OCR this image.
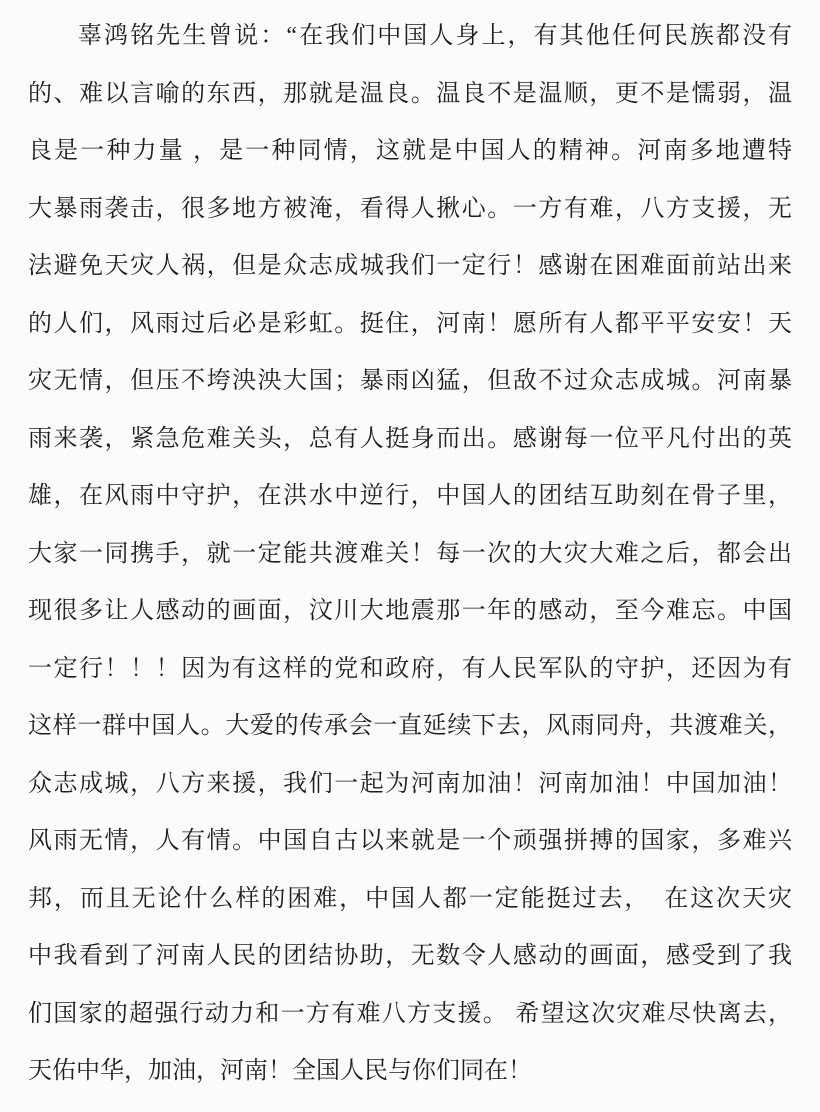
辜鸿铭先生曾说：“在我们中国人身上，有其他任何民族都没有
的、难以言喻的东西，那就是温良。温良不是温顺，更不是懦弱，温
良是一种力量 ，是一种同情，这就是中国人的精神。河南多地遭特
大暴雨袭击，很多地方被淹，看得人揪心。一方有难，八方支援，无
法避免天灾人祸，但是众志成城我们一定行！感谢在困难面前站出来
的人们，风雨过后必是彩虹。挺住，河南！愿所有人都平平安安！天
灾无情，但压不垮泱泱大国；暴雨凶猛，但敌不过众志成城。河南暴
雨来袭，紧急危难关头，总有人挺身而出。感谢每一位平凡付出的英
雄，在风雨中守护，在洪水中逆行，中国人的团结互助刻在骨子里，
大家一同携手，就一定能共渡难关！每一次的大灾大难之后，都会出
现很多让人感动的画面，汶川大地震那一年的感动，至今难忘。中国
一定行！！！因为有这样的党和政府，有人民军队的守护，还因为有
这样一群中国人。大爱的传承会一直延续下去，风雨同舟，共渡难关，
众志成城，八方来援，我们一起为河南加油！河南加油！中国加油！
风雨无情，人有情。中国自古以来就是一个顽强拼搏的国家，多难兴
邦，而且无论什么样的困难，中国人都一定能挺过去，　在这次天灾
中我看到了河南人民的团结协助，无数令人感动的画面，感受到了我
们国家的超强行动力和一方有难八方支援。 希望这次灾难尽快离去，
天佑中华，加油，河南！全国人民与你们同在！
